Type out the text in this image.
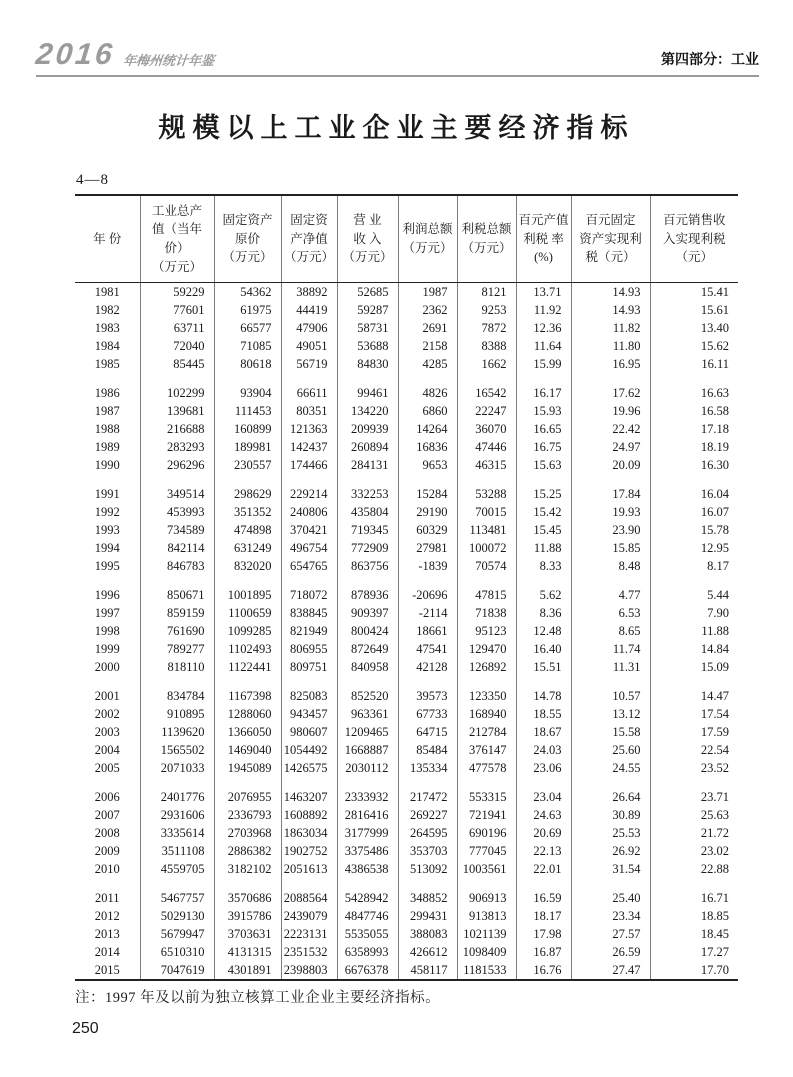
2016 年梅州统计年鉴	第四部分：工业
规模以上工业企业主要经济指标
4—8
年 份

工业总产
值（当年
价）
（万元）

固定资产
原价
（万元）

固定资
产净值
（万元）

营 业
收 入
（万元）

利润总额
（万元）

利税总额
（万元）

百元产值
利税 率
(%)

百元固定
资产实现利
税（元）

百元销售收
入实现利税
（元）

1981	59229	54362	38892	52685	1987	8121	13.71	14.93	15.41
1982	77601	61975	44419	59287	2362	9253	11.92	14.93	15.61
1983	63711	66577	47906	58731	2691	7872	12.36	11.82	13.40
1984	72040	71085	49051	53688	2158	8388	11.64	11.80	15.62
1985	85445	80618	56719	84830	4285	1662	15.99	16.95	16.11

1986	102299	93904	66611	99461	4826	16542	16.17	17.62	16.63
1987	139681	111453	80351	134220	6860	22247	15.93	19.96	16.58
1988	216688	160899	121363	209939	14264	36070	16.65	22.42	17.18
1989	283293	189981	142437	260894	16836	47446	16.75	24.97	18.19
1990	296296	230557	174466	284131	9653	46315	15.63	20.09	16.30

1991	349514	298629	229214	332253	15284	53288	15.25	17.84	16.04
1992	453993	351352	240806	435804	29190	70015	15.42	19.93	16.07
1993	734589	474898	370421	719345	60329	113481	15.45	23.90	15.78
1994	842114	631249	496754	772909	27981	100072	11.88	15.85	12.95
1995	846783	832020	654765	863756	-1839	70574	8.33	8.48	8.17

1996	850671	1001895	718072	878936	-20696	47815	5.62	4.77	5.44
1997	859159	1100659	838845	909397	-2114	71838	8.36	6.53	7.90
1998	761690	1099285	821949	800424	18661	95123	12.48	8.65	11.88
1999	789277	1102493	806955	872649	47541	129470	16.40	11.74	14.84
2000	818110	1122441	809751	840958	42128	126892	15.51	11.31	15.09

2001	834784	1167398	825083	852520	39573	123350	14.78	10.57	14.47
2002	910895	1288060	943457	963361	67733	168940	18.55	13.12	17.54
2003	1139620	1366050	980607	1209465	64715	212784	18.67	15.58	17.59
2004	1565502	1469040	1054492	1668887	85484	376147	24.03	25.60	22.54
2005	2071033	1945089	1426575	2030112	135334	477578	23.06	24.55	23.52

2006	2401776	2076955	1463207	2333932	217472	553315	23.04	26.64	23.71
2007	2931606	2336793	1608892	2816416	269227	721941	24.63	30.89	25.63
2008	3335614	2703968	1863034	3177999	264595	690196	20.69	25.53	21.72
2009	3511108	2886382	1902752	3375486	353703	777045	22.13	26.92	23.02
2010	4559705	3182102	2051613	4386538	513092	1003561	22.01	31.54	22.88

2011	5467757	3570686	2088564	5428942	348852	906913	16.59	25.40	16.71
2012	5029130	3915786	2439079	4847746	299431	913813	18.17	23.34	18.85
2013	5679947	3703631	2223131	5535055	388083	1021139	17.98	27.57	18.45
2014	6510310	4131315	2351532	6358993	426612	1098409	16.87	26.59	17.27
2015	7047619	4301891	2398803	6676378	458117	1181533	16.76	27.47	17.70
注：1997 年及以前为独立核算工业企业主要经济指标。
250
